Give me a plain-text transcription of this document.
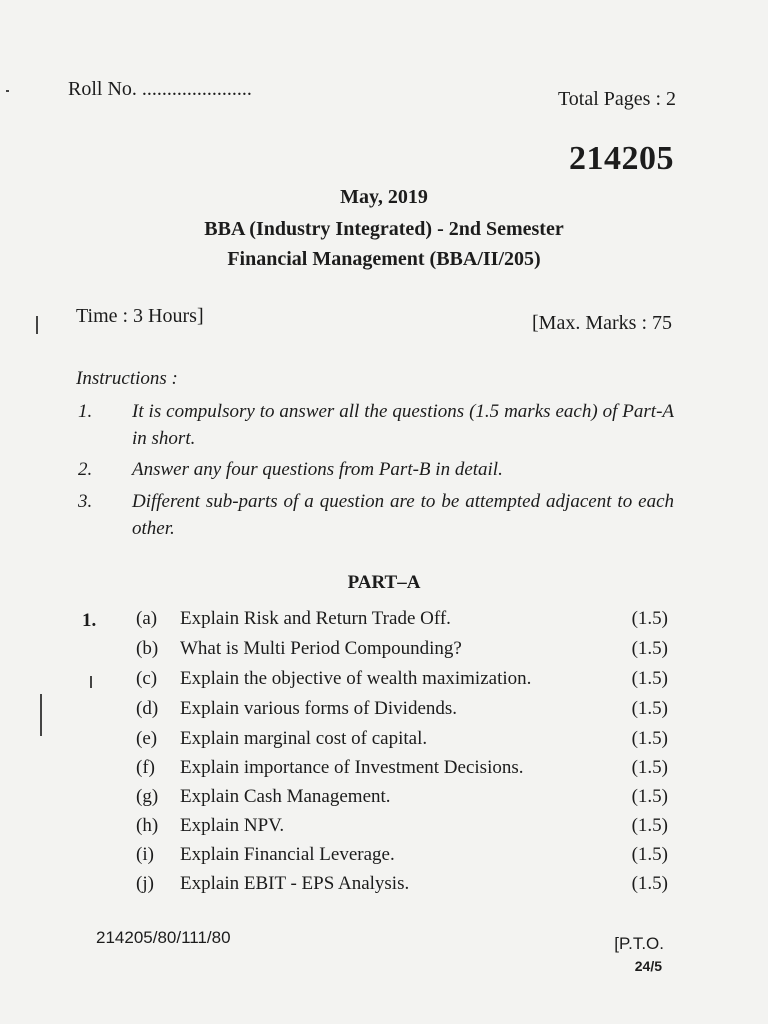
Roll No. ......................	Total Pages : 2
214205
May, 2019
BBA (Industry Integrated) - 2nd Semester
Financial Management (BBA/II/205)
Time : 3 Hours]	[Max. Marks : 75
Instructions :
1.	It is compulsory to answer all the questions (1.5 marks each) of Part-A in short.
2.	Answer any four questions from Part-B in detail.
3.	Different sub-parts of a question are to be attempted adjacent to each other.
PART–A
1. (a)	Explain Risk and Return Trade Off.	(1.5)
(b)	What is Multi Period Compounding?	(1.5)
(c)	Explain the objective of wealth maximization.	(1.5)
(d)	Explain various forms of Dividends.	(1.5)
(e)	Explain marginal cost of capital.	(1.5)
(f)	Explain importance of Investment Decisions.	(1.5)
(g)	Explain Cash Management.	(1.5)
(h)	Explain NPV.	(1.5)
(i)	Explain Financial Leverage.	(1.5)
(j)	Explain EBIT - EPS Analysis.	(1.5)
214205/80/111/80	[P.T.O.
24/5
